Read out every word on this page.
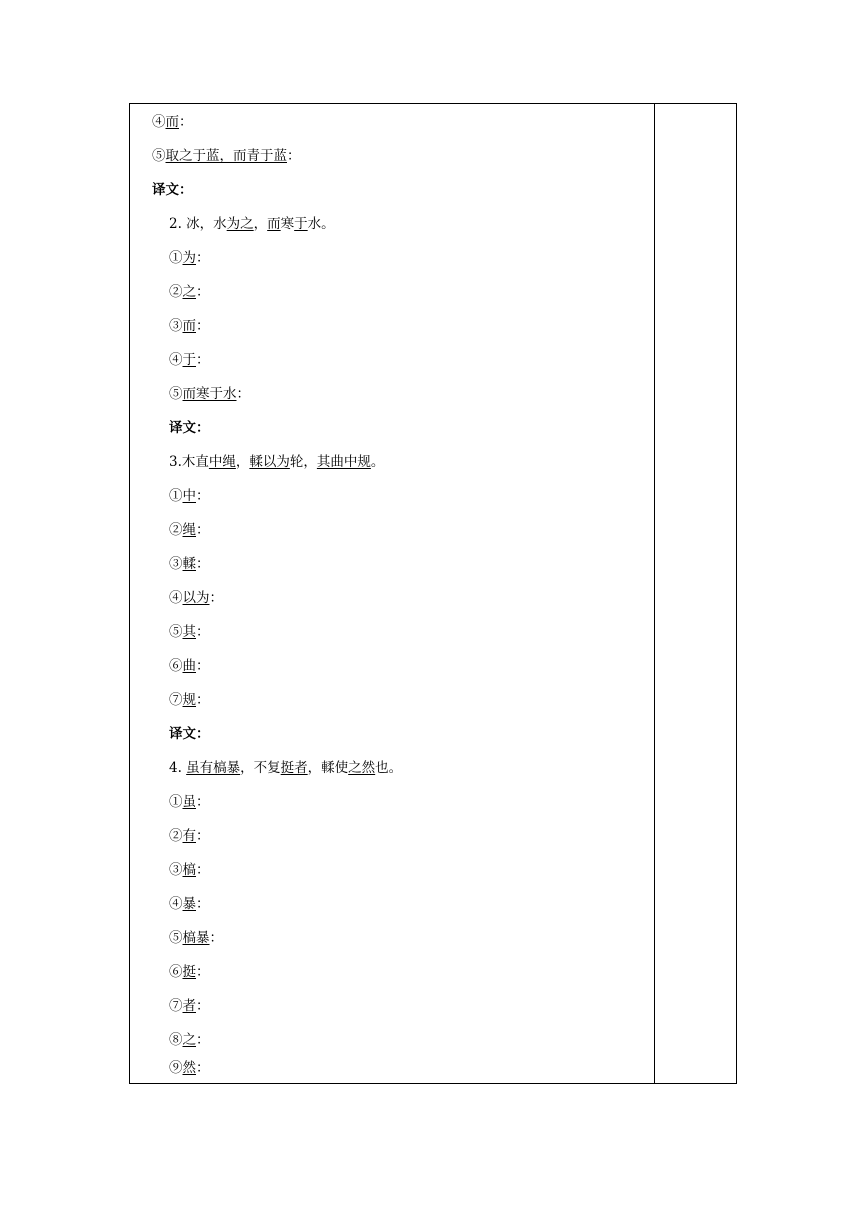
④而：
⑤取之于蓝，而青于蓝：
译文：
2. 冰，水为之，而寒于水。
①为：
②之：
③而：
④于：
⑤而寒于水：
译文：
3.木直中绳，輮以为轮，其曲中规。
①中：
②绳：
③輮：
④以为：
⑤其：
⑥曲：
⑦规：
译文：
4. 虽有槁暴，不复挺者，輮使之然也。
①虽：
②有：
③槁：
④暴：
⑤槁暴：
⑥挺：
⑦者：
⑧之：
⑨然：
